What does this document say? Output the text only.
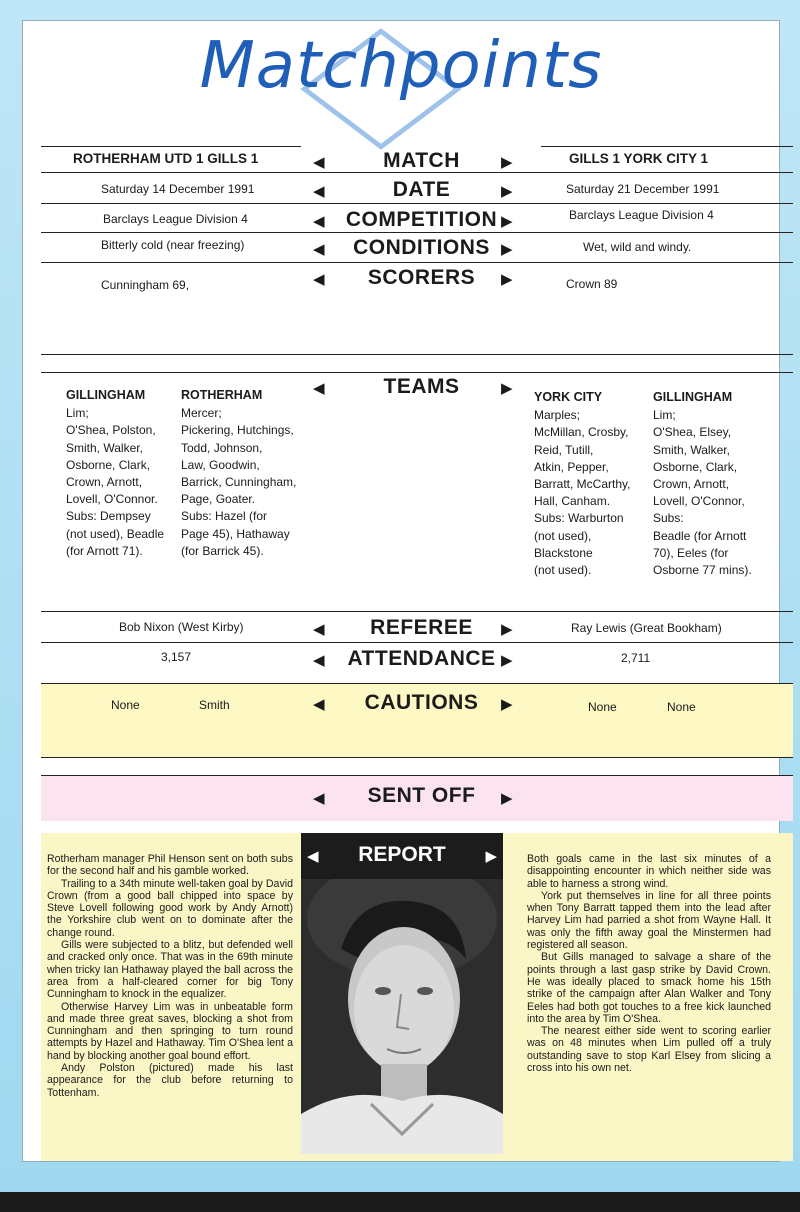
Matchpoints
ROTHERHAM UTD 1 GILLS 1	◀	MATCH	▶	GILLS 1 YORK CITY 1
Saturday 14 December 1991	◀	DATE	▶	Saturday 21 December 1991
Barclays League Division 4	◀ COMPETITION ▶	Barclays League Division 4
Bitterly cold (near freezing)	◀	CONDITIONS ▶	Wet, wild and windy.
Cunningham 69,	◀	SCORERS	▶	Crown 89
◀	TEAMS	▶
GILLINGHAM
Lim;
O'Shea, Polston,
Smith, Walker,
Osborne, Clark,
Crown, Arnott,
Lovell, O'Connor.
Subs: Dempsey
(not used), Beadle
(for Arnott 71).
ROTHERHAM
Mercer;
Pickering, Hutchings,
Todd, Johnson,
Law, Goodwin,
Barrick, Cunningham,
Page, Goater.
Subs: Hazel (for
Page 45), Hathaway
(for Barrick 45).
YORK CITY
Marples;
McMillan, Crosby,
Reid, Tutill,
Atkin, Pepper,
Barratt, McCarthy,
Hall, Canham.
Subs: Warburton
(not used),
Blackstone
(not used).
GILLINGHAM
Lim;
O'Shea, Elsey,
Smith, Walker,
Osborne, Clark,
Crown, Arnott,
Lovell, O'Connor,
Subs:
Beadle (for Arnott
70), Eeles (for
Osborne 77 mins).
Bob Nixon (West Kirby)	◀	REFEREE	▶	Ray Lewis (Great Bookham)
3,157	◀ ATTENDANCE ▶	2,711
None	Smith	◀	CAUTIONS	▶	None	None
◀	SENT OFF	▶

Rotherham manager Phil Henson sent on both subs for the second half and his gamble worked.

Trailing to a 34th minute well-taken goal by David Crown (from a good ball chipped into space by Steve Lovell following good work by Andy Arnott) the Yorkshire club went on to dominate after the change round.

Gills were subjected to a blitz, but defended well and cracked only once. That was in the 69th minute when tricky Ian Hathaway played the ball across the area from a half-cleared corner for big Tony Cunningham to knock in the equalizer.

Otherwise Harvey Lim was in unbeatable form and made three great saves, blocking a shot from Cunningham and then springing to turn round attempts by Hazel and Hathaway. Tim O'Shea lent a hand by blocking another goal bound effort.

Andy Polston (pictured) made his last appearance for the club before returning to Tottenham.

◀	REPORT	▶	Both goals came in the last six minutes of a disappointing encounter in which neither side was able to harness a strong wind.

York put themselves in line for all three points when Tony Barratt tapped them into the lead after Harvey Lim had parried a shot from Wayne Hall. It was only the fifth away goal the Minstermen had registered all season.

But Gills managed to salvage a share of the points through a last gasp strike by David Crown. He was ideally placed to smack home his 15th strike of the campaign after Alan Walker and Tony Eeles had both got touches to a free kick launched into the area by Tim O'Shea.

The nearest either side went to scoring earlier was on 48 minutes when Lim pulled off a truly outstanding save to stop Karl Elsey from slicing a cross into his own net.
